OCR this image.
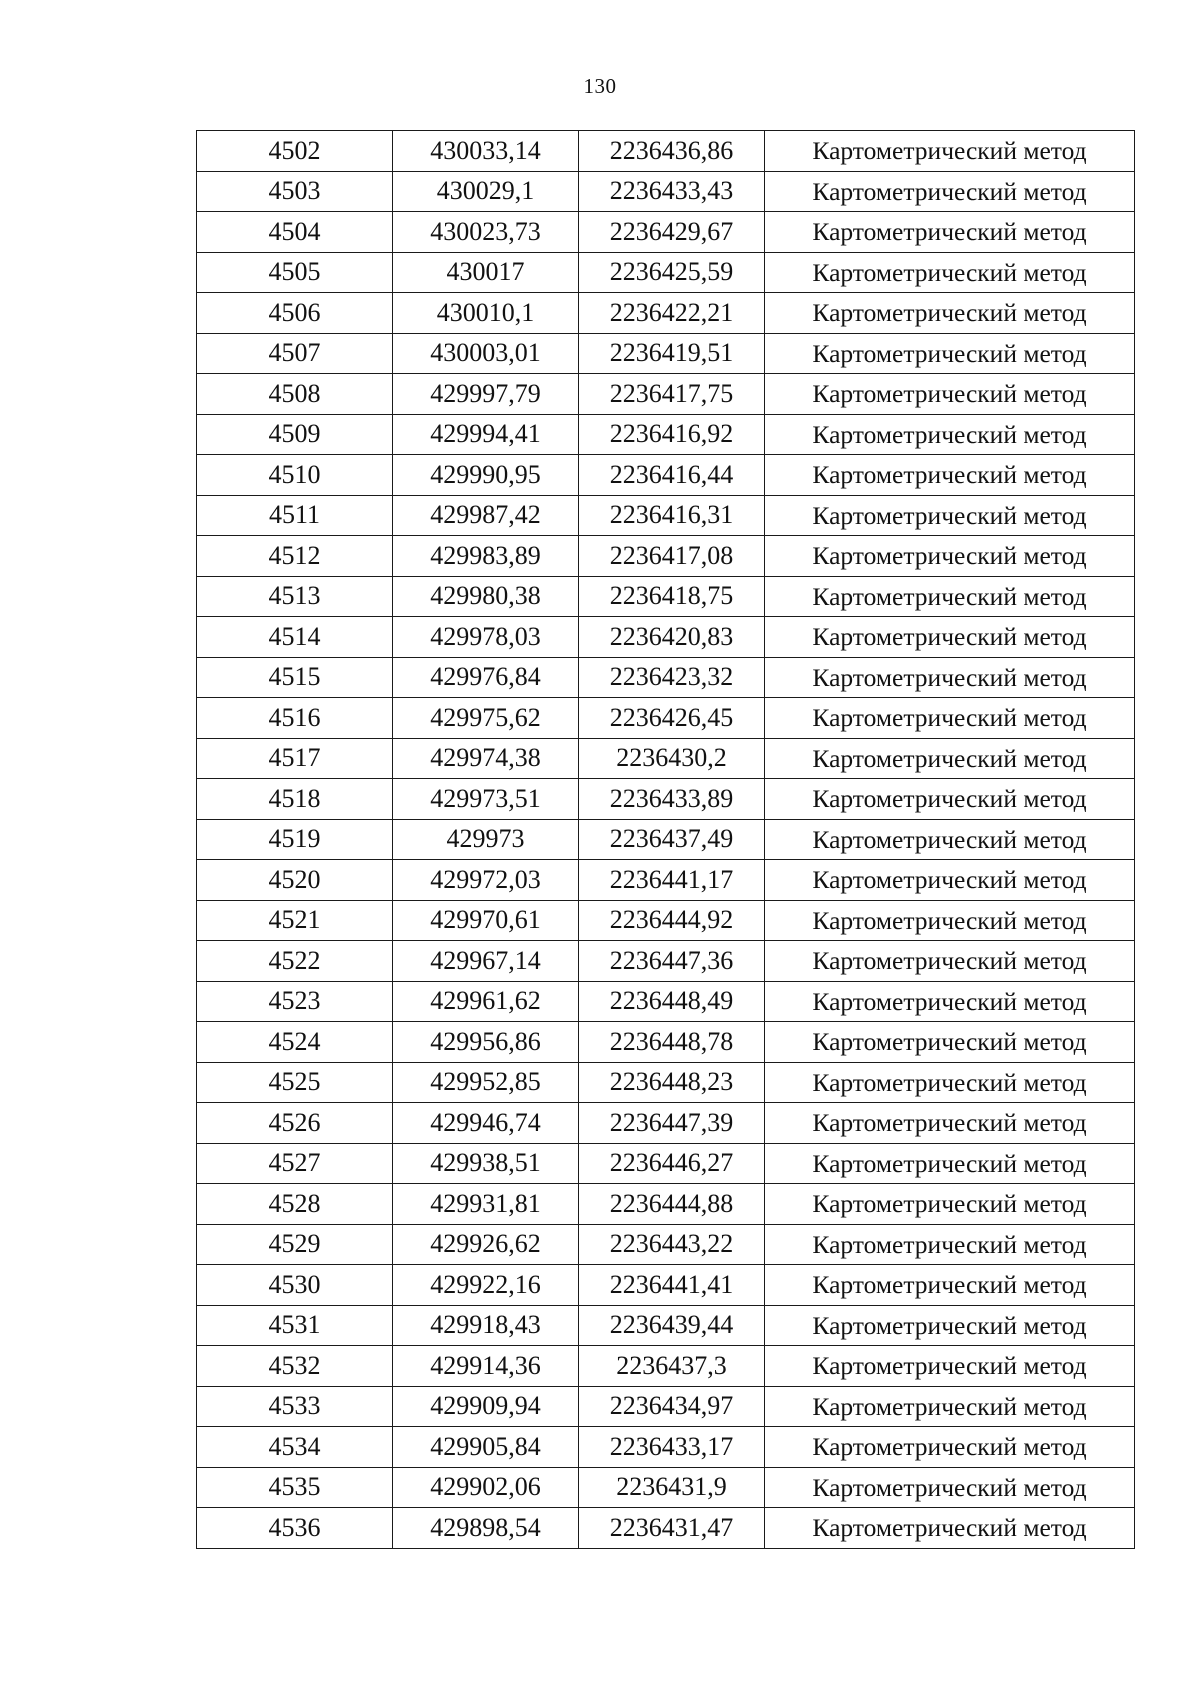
130
4502	430033,14	2236436,86	Картометрический метод
4503	430029,1	2236433,43	Картометрический метод
4504	430023,73	2236429,67	Картометрический метод
4505	430017	2236425,59	Картометрический метод
4506	430010,1	2236422,21	Картометрический метод
4507	430003,01	2236419,51	Картометрический метод
4508	429997,79	2236417,75	Картометрический метод
4509	429994,41	2236416,92	Картометрический метод
4510	429990,95	2236416,44	Картометрический метод
4511	429987,42	2236416,31	Картометрический метод
4512	429983,89	2236417,08	Картометрический метод
4513	429980,38	2236418,75	Картометрический метод
4514	429978,03	2236420,83	Картометрический метод
4515	429976,84	2236423,32	Картометрический метод
4516	429975,62	2236426,45	Картометрический метод
4517	429974,38	2236430,2	Картометрический метод
4518	429973,51	2236433,89	Картометрический метод
4519	429973	2236437,49	Картометрический метод
4520	429972,03	2236441,17	Картометрический метод
4521	429970,61	2236444,92	Картометрический метод
4522	429967,14	2236447,36	Картометрический метод
4523	429961,62	2236448,49	Картометрический метод
4524	429956,86	2236448,78	Картометрический метод
4525	429952,85	2236448,23	Картометрический метод
4526	429946,74	2236447,39	Картометрический метод
4527	429938,51	2236446,27	Картометрический метод
4528	429931,81	2236444,88	Картометрический метод
4529	429926,62	2236443,22	Картометрический метод
4530	429922,16	2236441,41	Картометрический метод
4531	429918,43	2236439,44	Картометрический метод
4532	429914,36	2236437,3	Картометрический метод
4533	429909,94	2236434,97	Картометрический метод
4534	429905,84	2236433,17	Картометрический метод
4535	429902,06	2236431,9	Картометрический метод
4536	429898,54	2236431,47	Картометрический метод
